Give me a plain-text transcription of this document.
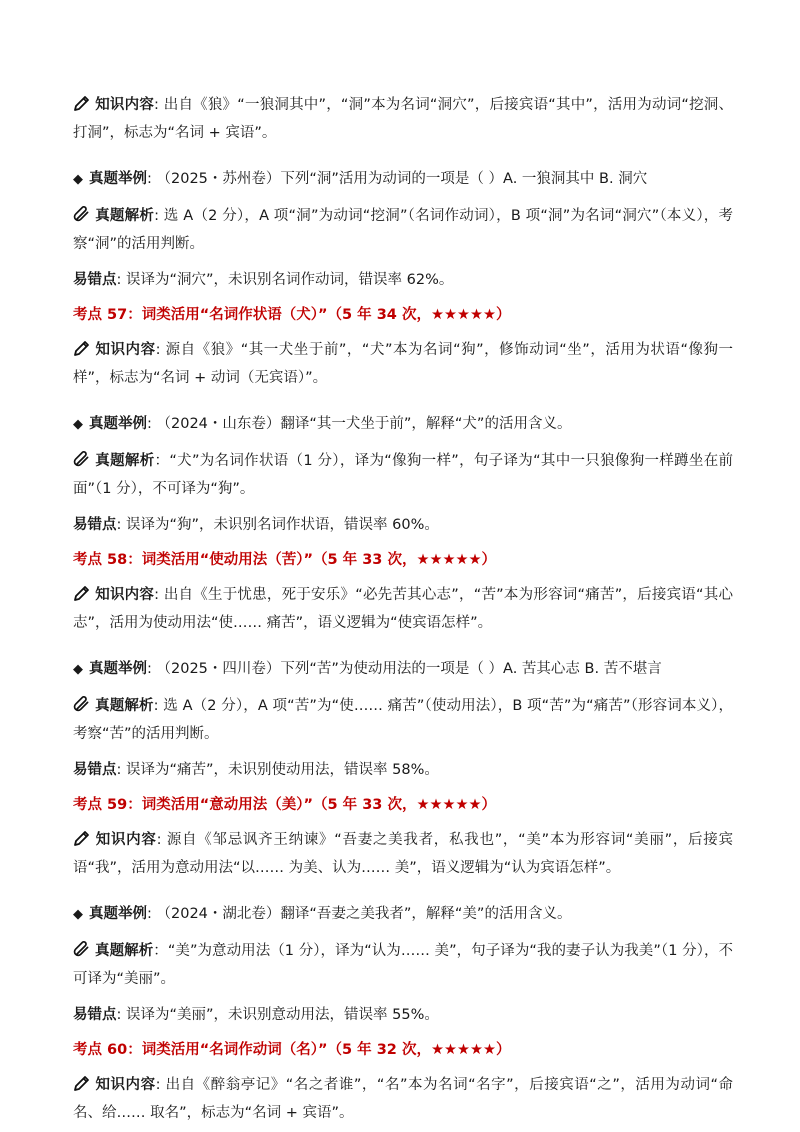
知识内容: 出自《狼》“一狼洞其中”，“洞”本为名词“洞穴”，后接宾语“其中”，活用为动词“挖洞、打洞”，标志为“名词 + 宾语”。

◆ 真题举例: （2025・苏州卷）下列“洞”活用为动词的一项是（ ）A. 一狼洞其中 B. 洞穴

真题解析: 选 A（2 分），A 项“洞”为动词“挖洞”（名词作动词），B 项“洞”为名词“洞穴”（本义），考察“洞”的活用判断。

易错点: 误译为“洞穴”，未识别名词作动词，错误率 62%。

考点 57：词类活用“名词作状语（犬）”（5 年 34 次，★★★★★）

知识内容: 源自《狼》“其一犬坐于前”，“犬”本为名词“狗”，修饰动词“坐”，活用为状语“像狗一样”，标志为“名词 + 动词（无宾语）”。

◆ 真题举例: （2024・山东卷）翻译“其一犬坐于前”，解释“犬”的活用含义。

真题解析：“犬”为名词作状语（1 分），译为“像狗一样”，句子译为“其中一只狼像狗一样蹲坐在前面”（1 分），不可译为“狗”。

易错点: 误译为“狗”，未识别名词作状语，错误率 60%。

考点 58：词类活用“使动用法（苦）”（5 年 33 次，★★★★★）

知识内容: 出自《生于忧患，死于安乐》“必先苦其心志”，“苦”本为形容词“痛苦”，后接宾语“其心志”，活用为使动用法“使…… 痛苦”，语义逻辑为“使宾语怎样”。

◆ 真题举例: （2025・四川卷）下列“苦”为使动用法的一项是（ ）A. 苦其心志 B. 苦不堪言

真题解析: 选 A（2 分），A 项“苦”为“使…… 痛苦”（使动用法），B 项“苦”为“痛苦”（形容词本义），考察“苦”的活用判断。

易错点: 误译为“痛苦”，未识别使动用法，错误率 58%。

考点 59：词类活用“意动用法（美）”（5 年 33 次，★★★★★）

知识内容: 源自《邹忌讽齐王纳谏》“吾妻之美我者，私我也”，“美”本为形容词“美丽”，后接宾语“我”，活用为意动用法“以…… 为美、认为…… 美”，语义逻辑为“认为宾语怎样”。

◆ 真题举例: （2024・湖北卷）翻译“吾妻之美我者”，解释“美”的活用含义。

真题解析：“美”为意动用法（1 分），译为“认为…… 美”，句子译为“我的妻子认为我美”（1 分），不可译为“美丽”。

易错点: 误译为“美丽”，未识别意动用法，错误率 55%。

考点 60：词类活用“名词作动词（名）”（5 年 32 次，★★★★★）

知识内容: 出自《醉翁亭记》“名之者谁”，“名”本为名词“名字”，后接宾语“之”，活用为动词“命名、给…… 取名”，标志为“名词 + 宾语”。
